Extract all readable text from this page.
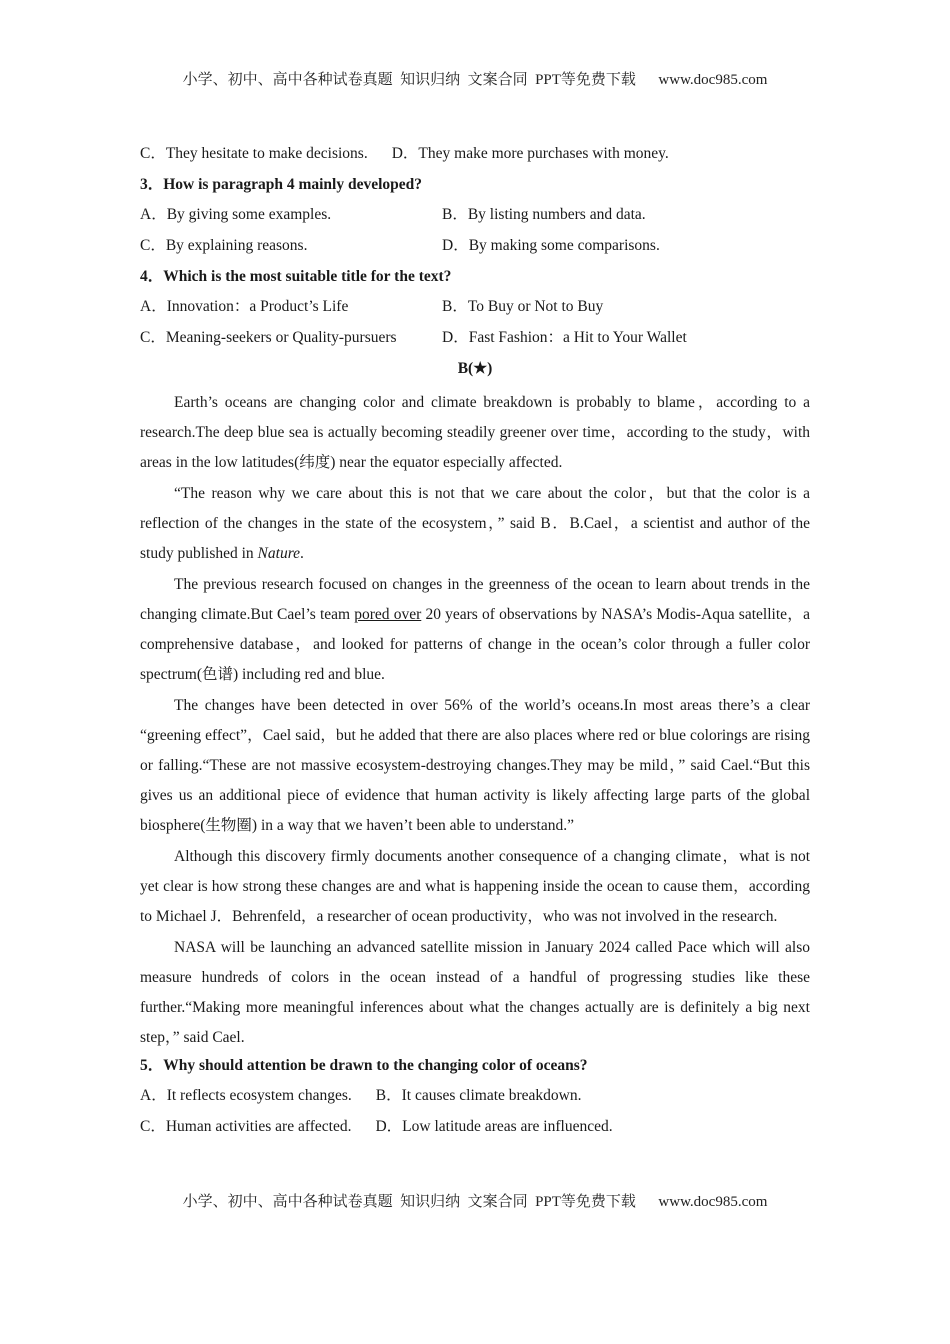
小学、初中、高中各种试卷真题  知识归纳  文案合同  PPT等免费下载      www.doc985.com
C．They hesitate to make decisions. D．They make more purchases with money.
3．How is paragraph 4 mainly developed?
A．By giving some examples.	B．By listing numbers and data.
C．By explaining reasons.	D．By making some comparisons.
4．Which is the most suitable title for the text?
A．Innovation：a Product’s Life	B．To Buy or Not to Buy
C．Meaning-seekers or Quality-pursuers	D．Fast Fashion：a Hit to Your Wallet
B(★)

Earth’s oceans are changing color and climate breakdown is probably to blame，according to a research.The deep blue sea is actually becoming steadily greener over time，according to the study，with areas in the low latitudes(纬度) near the equator especially affected.

“The reason why we care about this is not that we care about the color，but that the color is a reflection of the changes in the state of the ecosystem，” said B．B.Cael，a scientist and author of the study published in Nature.

The previous research focused on changes in the greenness of the ocean to learn about trends in the changing climate.But Cael’s team pored over 20 years of observations by NASA’s Modis-Aqua satellite，a comprehensive database，and looked for patterns of change in the ocean’s color through a fuller color spectrum(色谱) including red and blue.

The changes have been detected in over 56% of the world’s oceans.In most areas there’s a clear “greening effect”，Cael said，but he added that there are also places where red or blue colorings are rising or falling.“These are not massive ecosystem-destroying changes.They may be mild，” said Cael.“But this gives us an additional piece of evidence that human activity is likely affecting large parts of the global biosphere(生物圈) in a way that we haven’t been able to understand.”

Although this discovery firmly documents another consequence of a changing climate，what is not yet clear is how strong these changes are and what is happening inside the ocean to cause them，according to Michael J．Behrenfeld，a researcher of ocean productivity，who was not involved in the research.

NASA will be launching an advanced satellite mission in January 2024 called Pace which will also measure hundreds of colors in the ocean instead of a handful of progressing studies like these further.“Making more meaningful inferences about what the changes actually are is definitely a big next step，” said Cael.

5．Why should attention be drawn to the changing color of oceans?
A．It reflects ecosystem changes. B．It causes climate breakdown.
C．Human activities are affected. D．Low latitude areas are influenced.
小学、初中、高中各种试卷真题  知识归纳  文案合同  PPT等免费下载      www.doc985.com
